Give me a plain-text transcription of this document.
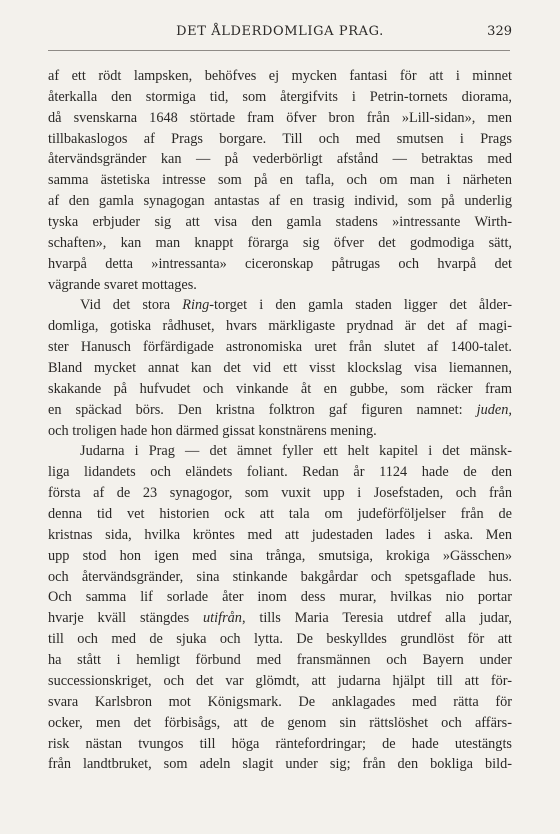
DET ÅLDERDOMLIGA PRAG.	329
af ett rödt lampsken, behöfves ej mycken fantasi för att i minnet
återkalla den stormiga tid, som återgifvits i Petrin-tornets diorama,
då svenskarna 1648 störtade fram öfver bron från »Lill-sidan», men
tillbakaslogos af Prags borgare. Till och med smutsen i Prags
återvändsgränder kan — på vederbörligt afstånd — betraktas med
samma ästetiska intresse som på en tafla, och om man i närheten
af den gamla synagogan antastas af en trasig individ, som på underlig
tyska erbjuder sig att visa den gamla stadens »intressante Wirth-
schaften», kan man knappt förarga sig öfver det godmodiga sätt,
hvarpå detta »intressanta» ciceronskap påtrugas och hvarpå det
vägrande svaret mottages.
Vid det stora Ring-torget i den gamla staden ligger det ålder-
domliga, gotiska rådhuset, hvars märkligaste prydnad är det af magi-
ster Hanusch förfärdigade astronomiska uret från slutet af 1400-talet.
Bland mycket annat kan det vid ett visst klockslag visa liemannen,
skakande på hufvudet och vinkande åt en gubbe, som räcker fram
en späckad börs. Den kristna folktron gaf figuren namnet: juden,
och troligen hade hon därmed gissat konstnärens mening.
Judarna i Prag — det ämnet fyller ett helt kapitel i det mänsk-
liga lidandets och eländets foliant. Redan år 1124 hade de den
första af de 23 synagogor, som vuxit upp i Josefstaden, och från
denna tid vet historien ock att tala om judeförföljelser från de
kristnas sida, hvilka kröntes med att judestaden lades i aska. Men
upp stod hon igen med sina trånga, smutsiga, krokiga »Gässchen»
och återvändsgränder, sina stinkande bakgårdar och spetsgaflade hus.
Och samma lif sorlade åter inom dess murar, hvilkas nio portar
hvarje kväll stängdes utifrån, tills Maria Teresia utdref alla judar,
till och med de sjuka och lytta. De beskylldes grundlöst för att
ha stått i hemligt förbund med fransmännen och Bayern under
successionskriget, och det var glömdt, att judarna hjälpt till att för-
svara Karlsbron mot Königsmark. De anklagades med rätta för
ocker, men det förbisågs, att de genom sin rättslöshet och affärs-
risk nästan tvungos till höga räntefordringar; de hade utestängts
från landtbruket, som adeln slagit under sig; från den bokliga bild-
